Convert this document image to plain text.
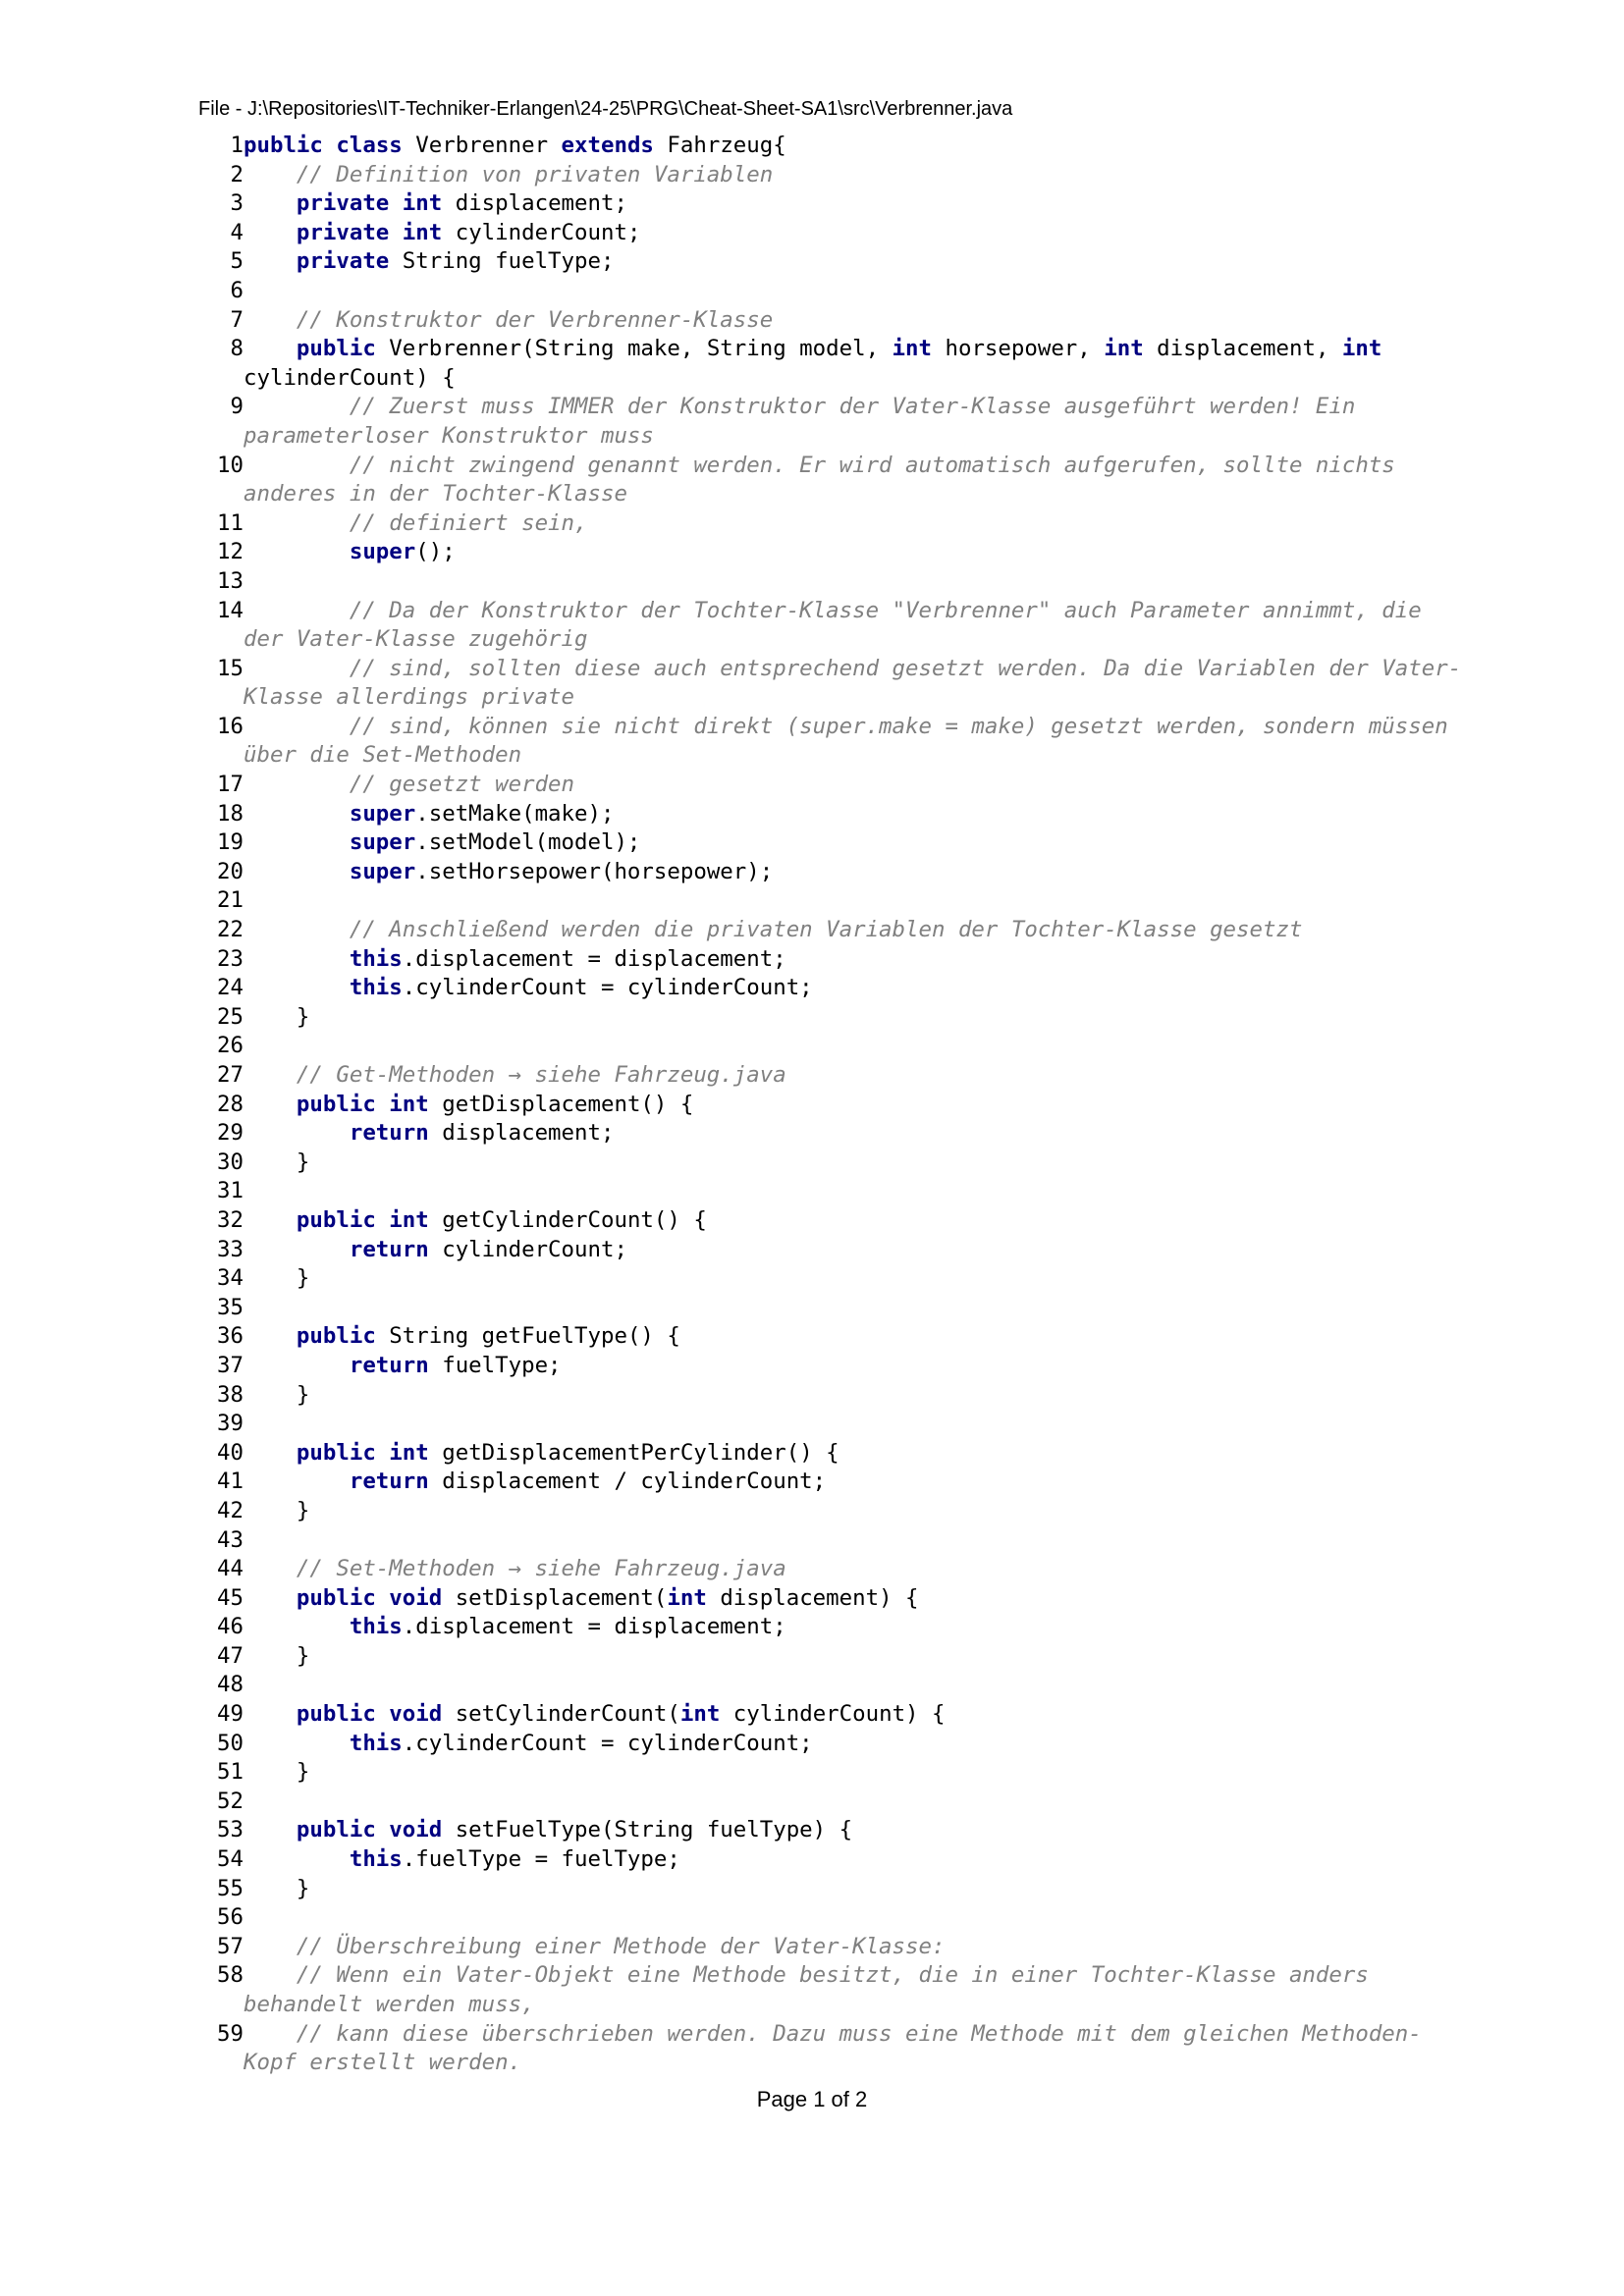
File - J:\Repositories\IT-Techniker-Erlangen\24-25\PRG\Cheat-Sheet-SA1\src\Verbrenner.java
1 public class Verbrenner extends Fahrzeug{
2	// Definition von privaten Variablen
3	private int displacement;
4	private int cylinderCount;
5	private String fuelType;
6
7	// Konstruktor der Verbrenner-Klasse
8	public Verbrenner(String make, String model, int horsepower, int displacement, int cylinderCount) {
9	// Zuerst muss IMMER der Konstruktor der Vater-Klasse ausgeführt werden! Ein parameterloser Konstruktor muss
10	// nicht zwingend genannt werden. Er wird automatisch aufgerufen, sollte nichts anderes in der Tochter-Klasse
11	// definiert sein,
12	super();
13
14	// Da der Konstruktor der Tochter-Klasse "Verbrenner" auch Parameter annimmt, die der Vater-Klasse zugehörig
15	// sind, sollten diese auch entsprechend gesetzt werden. Da die Variablen der Vater-Klasse allerdings private
16	// sind, können sie nicht direkt (super.make = make) gesetzt werden, sondern müssen über die Set-Methoden
17	// gesetzt werden
18	super.setMake(make);
19	super.setModel(model);
20	super.setHorsepower(horsepower);
21
22	// Anschließend werden die privaten Variablen der Tochter-Klasse gesetzt
23	this.displacement = displacement;
24	this.cylinderCount = cylinderCount;
25 }
26
27	// Get-Methoden → siehe Fahrzeug.java
28	public int getDisplacement() {
29	return displacement;
30 }
31
32	public int getCylinderCount() {
33	return cylinderCount;
34 }
35
36	public String getFuelType() {
37	return fuelType;
38 }
39
40	public int getDisplacementPerCylinder() {
41	return displacement / cylinderCount;
42 }
43
44	// Set-Methoden → siehe Fahrzeug.java
45	public void setDisplacement(int displacement) {
46	this.displacement = displacement;
47 }
48
49	public void setCylinderCount(int cylinderCount) {
50	this.cylinderCount = cylinderCount;
51 }
52
53	public void setFuelType(String fuelType) {
54	this.fuelType = fuelType;
55 }
56
57	// Überschreibung einer Methode der Vater-Klasse:
58	// Wenn ein Vater-Objekt eine Methode besitzt, die in einer Tochter-Klasse anders behandelt werden muss,
59	// kann diese überschrieben werden. Dazu muss eine Methode mit dem gleichen Methoden-Kopf erstellt werden.
Page 1 of 2
